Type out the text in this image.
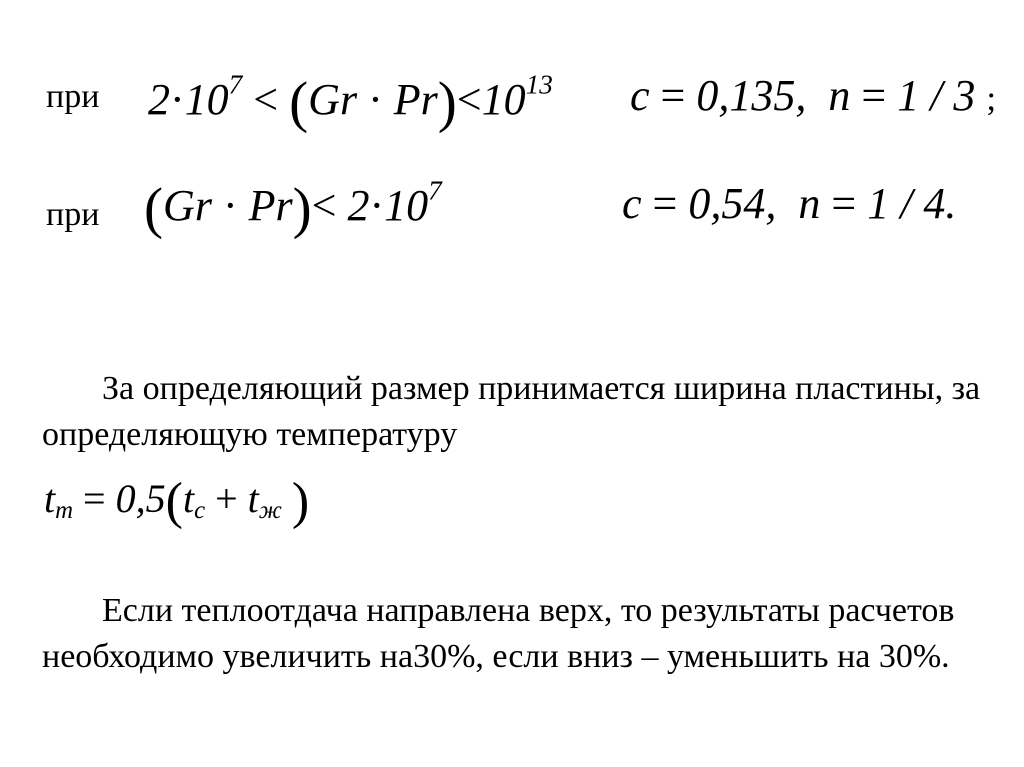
при $2\cdot 10^7 < (Gr \cdot Pr)<10^{13}$ c = 0,135, n = 1 / 3 ;
при $(Gr \cdot Pr)< 2\cdot 10^7$	c = 0,54, n = 1 / 4.
За определяющий размер принимается ширина пластины, за определяющую температуру
$t_m = 0,5(t_c + t_ж$ )
Если теплоотдача направлена верх, то результаты расчетов необходимо увеличить на30%, если вниз – уменьшить на 30%.
